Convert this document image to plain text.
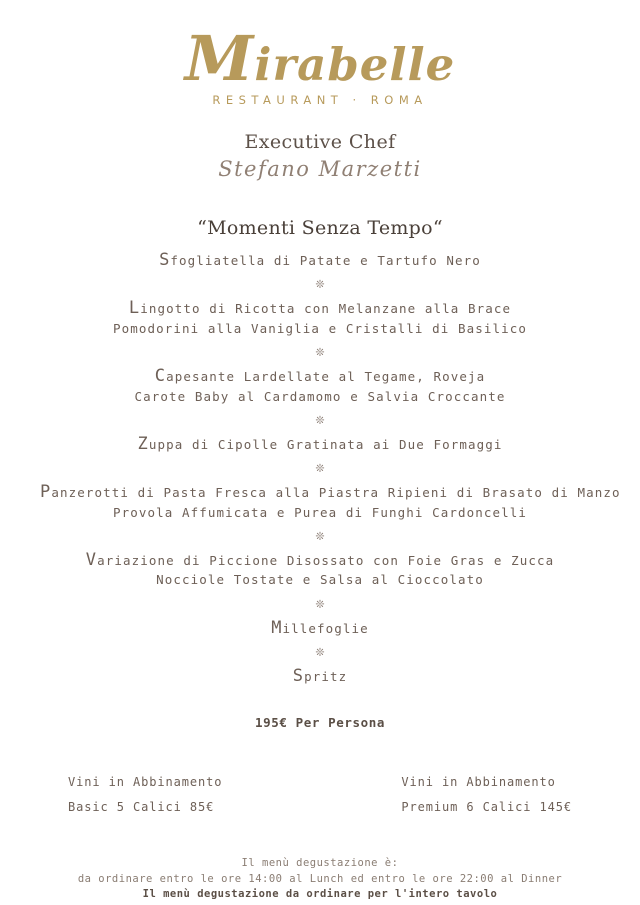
Mirabelle
RESTAURANT · ROMA
Executive Chef
Stefano Marzetti
“Momenti Senza Tempo“
Sfogliatella di Patate e Tartufo Nero
❊
Lingotto di Ricotta con Melanzane alla Brace
Pomodorini alla Vaniglia e Cristalli di Basilico
❊
Capesante Lardellate al Tegame, Roveja
Carote Baby al Cardamomo e Salvia Croccante
❊
Zuppa di Cipolle Gratinata ai Due Formaggi
❊
Panzerotti di Pasta Fresca alla Piastra Ripieni di Brasato di Manzo
Provola Affumicata e Purea di Funghi Cardoncelli
❊
Variazione di Piccione Disossato con Foie Gras e Zucca
Nocciole Tostate e Salsa al Cioccolato
❊
Millefoglie
❊
Spritz
195€ Per Persona
Vini in Abbinamento
Basic 5 Calici 85€
Vini in Abbinamento
Premium 6 Calici 145€
Il menù degustazione è:
da ordinare entro le ore 14:00 al Lunch ed entro le ore 22:00 al Dinner
Il menù degustazione da ordinare per l'intero tavolo
